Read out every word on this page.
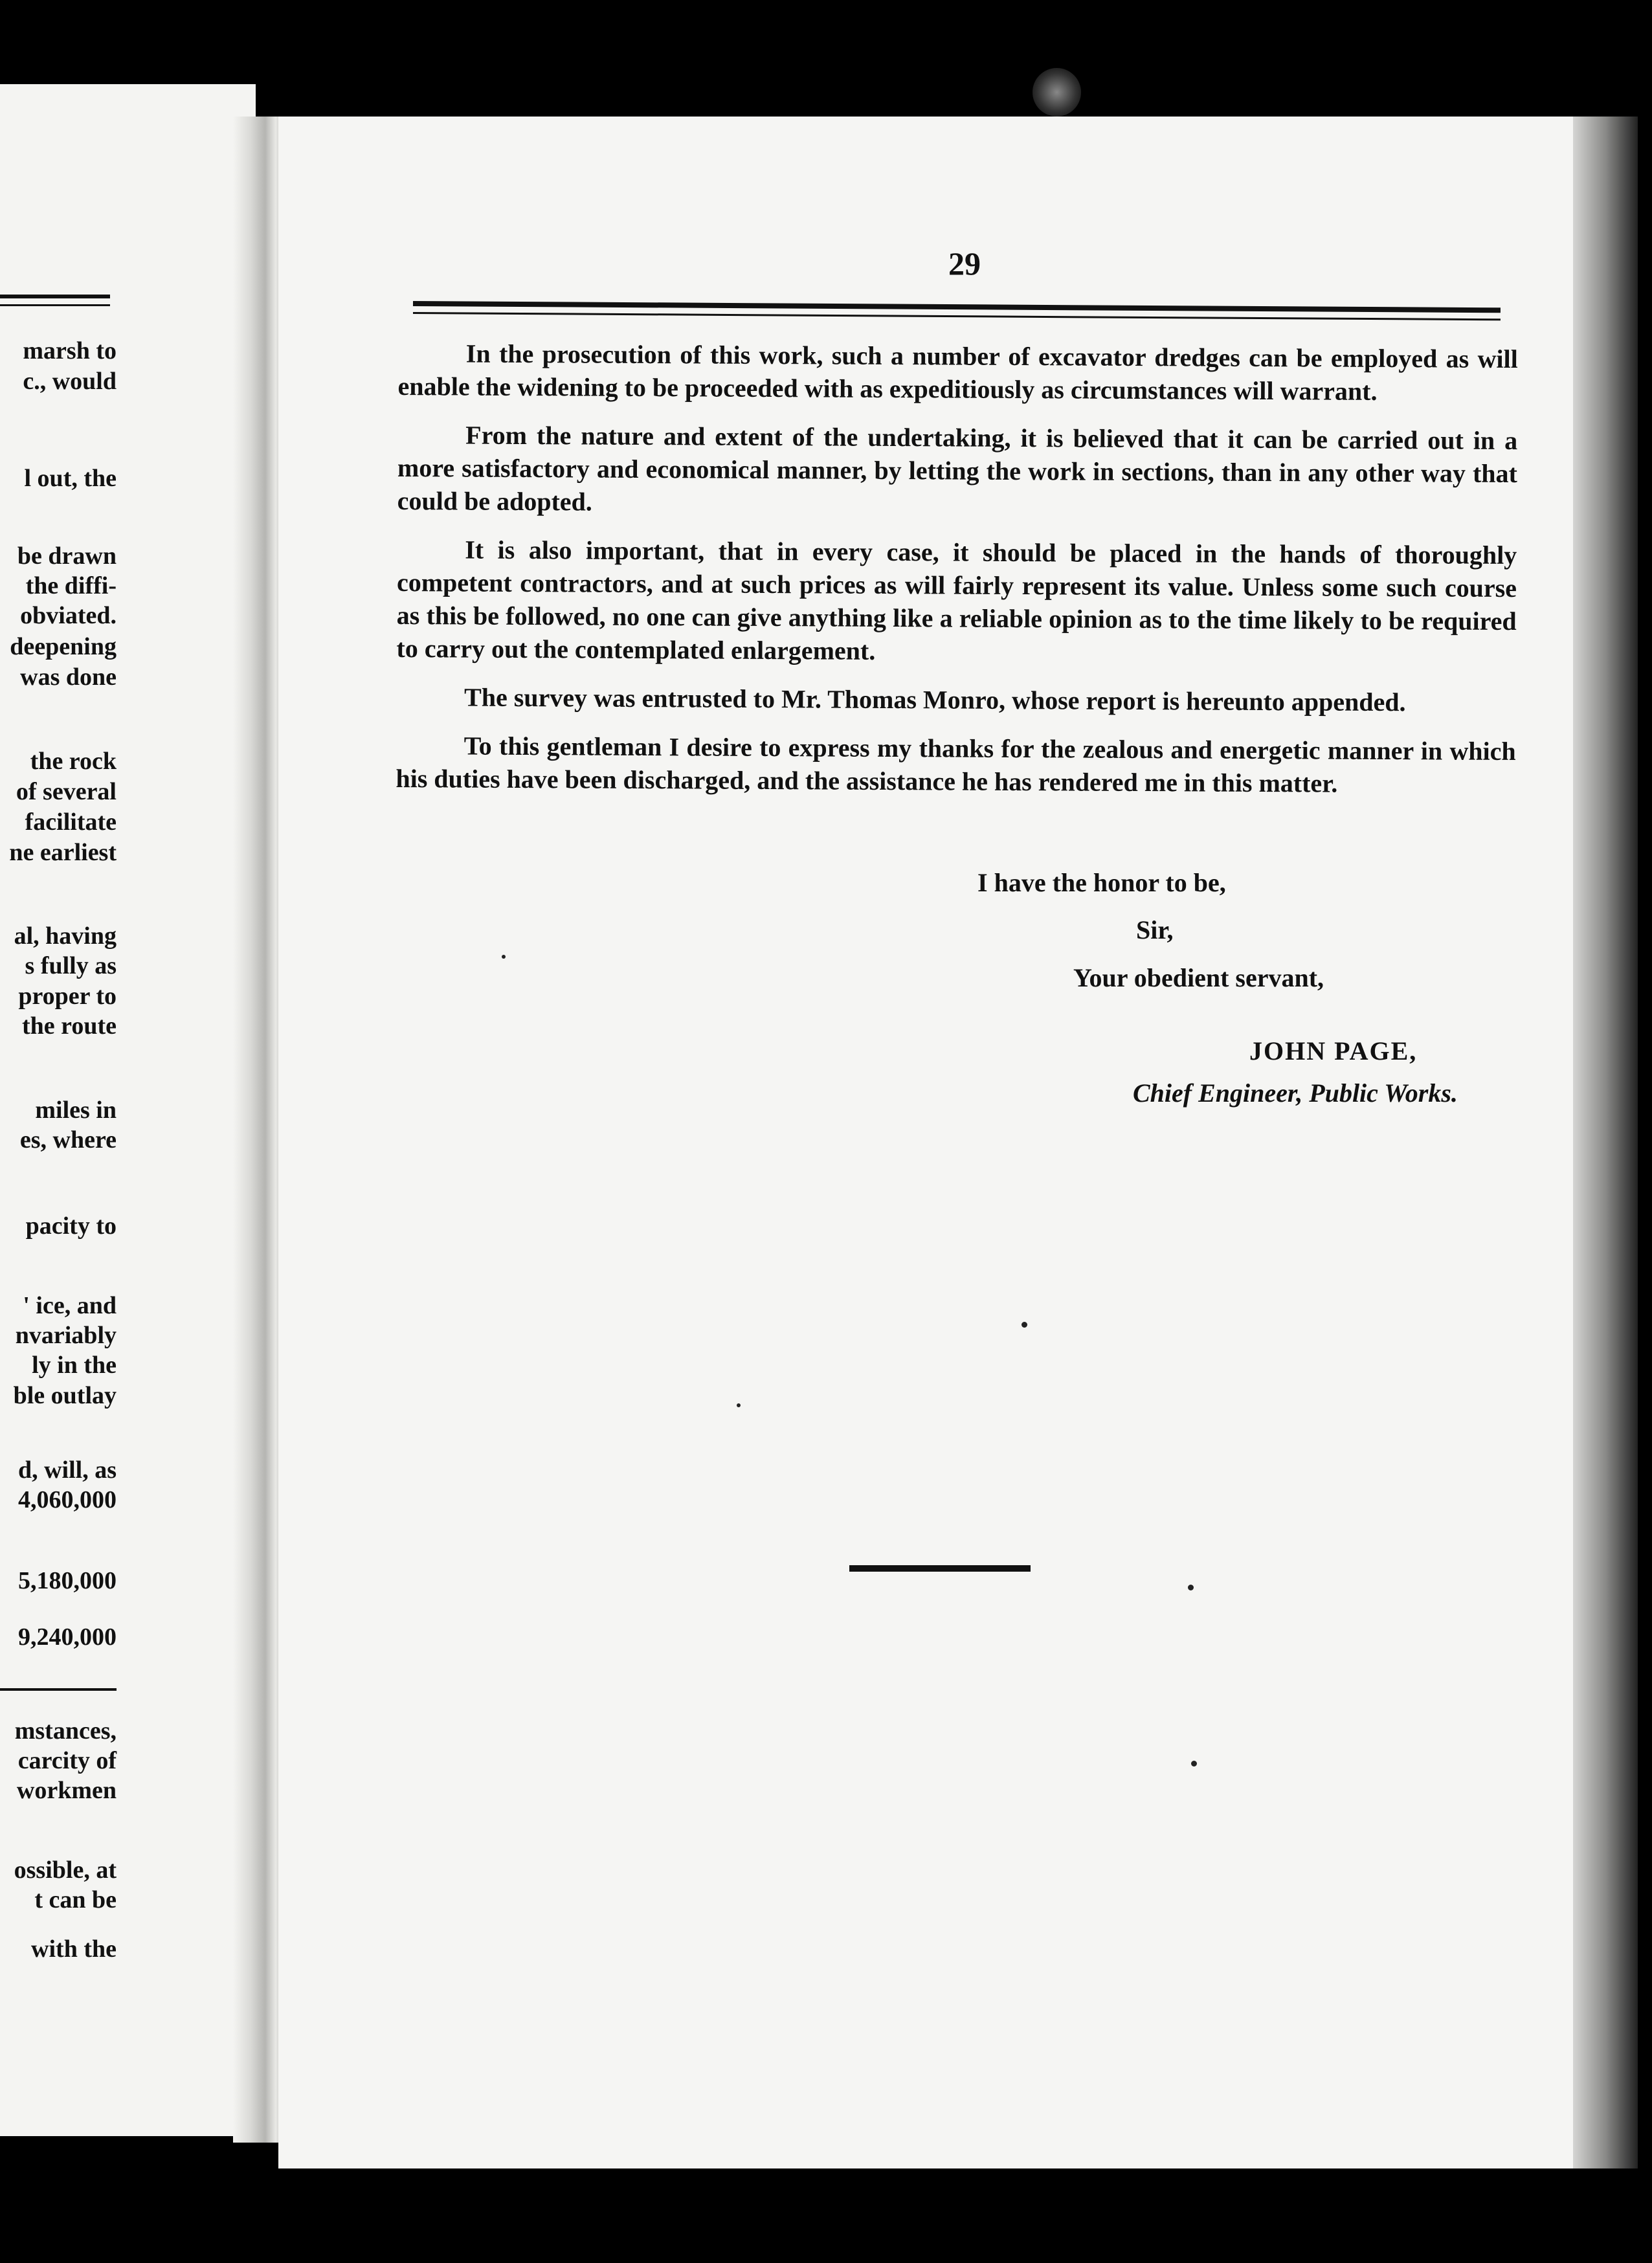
marsh to
c., would
l out, the
be drawn
the diffi-
obviated.
deepening
was done
the rock
of several
facilitate
ne earliest
al, having
s fully as
proper to
the route
miles in
es, where
pacity to
' ice, and
nvariably
ly in the
ble outlay
d, will, as
4,060,000
5,180,000
9,240,000
mstances,
carcity of
workmen
ossible, at
t can be
with the
29

In the prosecution of this work, such a number of excavator dredges can be employed as will enable the widening to be proceeded with as expeditiously as circumstances will warrant.

From the nature and extent of the undertaking, it is believed that it can be carried out in a more satisfactory and economical manner, by letting the work in sections, than in any other way that could be adopted.

It is also important, that in every case, it should be placed in the hands of thoroughly competent contractors, and at such prices as will fairly represent its value. Unless some such course as this be followed, no one can give anything like a reliable opinion as to the time likely to be required to carry out the contemplated enlargement.

The survey was entrusted to Mr. Thomas Monro, whose report is hereunto appended.

To this gentleman I desire to express my thanks for the zealous and energetic manner in which his duties have been discharged, and the assistance he has rendered me in this matter.

I have the honor to be,
Sir,
Your obedient servant,
JOHN PAGE,
Chief Engineer, Public Works.
